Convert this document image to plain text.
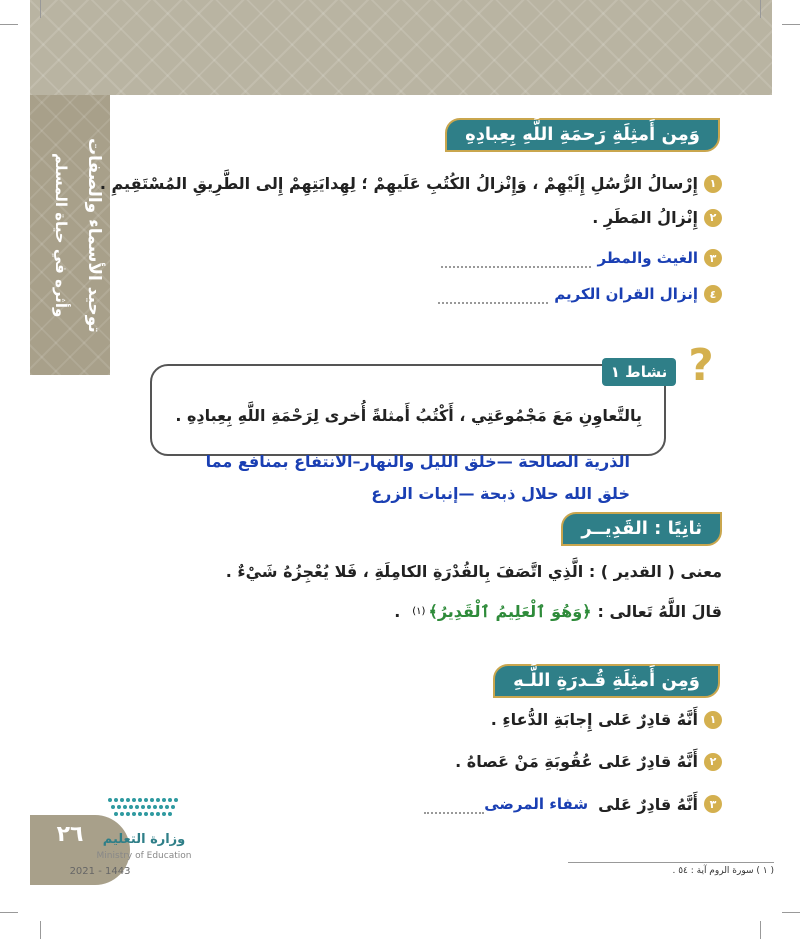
توحيد الأسماء والصفات
وأثره في حياة المسلم
وَمِن أَمثِلَةِ رَحمَةِ اللَّهِ بِعِبادِهِ
١
إِرْسالُ الرُّسُلِ إِلَيْهِمْ ، وَإِنْزالُ الكُتُبِ عَلَيهِمْ ؛ لِهِدايَتِهِمْ إِلى الطَّرِيقِ المُسْتَقِيمِ .
٢
إِنْزالُ المَطَرِ .
٣
الغيث والمطر
٤
إنزال القران الكريم
?
نشاط ١
بِالتَّعاوِنِ مَعَ مَجْمُوعَتِي ، أَكْتُبُ أَمثلةً أُخرى لِرَحْمَةِ اللَّهِ بِعِبادِهِ .
الذرية الصالحة —خلق الليل والنهار–الانتفاع بمنافع مما
خلق الله حلال ذبحة —إنبات الزرع
ثانِيًا : القَدِيــر
معنى ( القدير ) : الَّذِي اتَّصَفَ بِالقُدْرَةِ الكامِلَةِ ، فَلا يُعْجِزُهُ شَيْءٌ .
قالَ اللَّهُ تَعالى :
﴿وَهُوَ ٱلْعَلِيمُ ٱلْقَدِيرُ﴾
(١)
.
وَمِن أَمثِلَةِ قُـدرَةِ اللَّـهِ
١
أَنَّهُ قادِرٌ عَلى إِجابَةِ الدُّعاءِ .
٢
أَنَّهُ قادِرٌ عَلى عُقُوبَةِ مَنْ عَصاهُ .
٣
أَنَّهُ قادِرٌ عَلى
شفاء المرضى
( ١ ) سورة الروم آية : ٥٤ .
٢٦	وزارة التعليم
Ministry of Education
2021 - 1443
